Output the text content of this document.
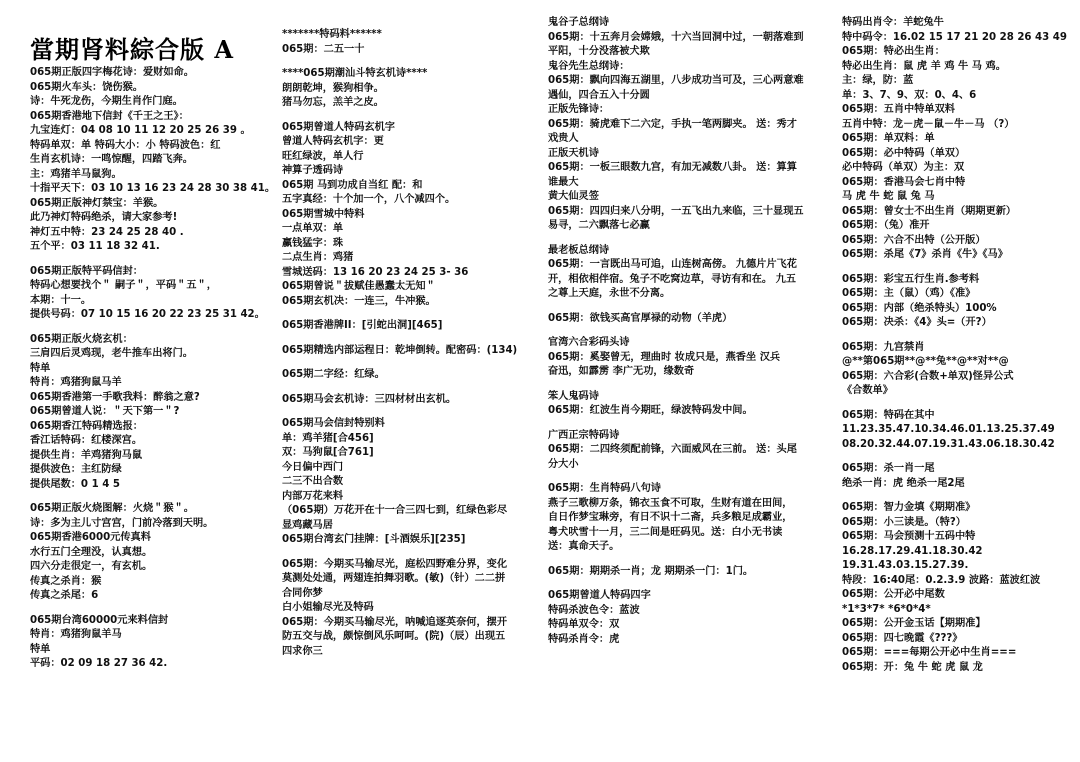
當期肾料綜合版 A
065期正版四字梅花诗：爱财如命。
065期火车头：饶伤猴。
诗：牛死龙伤，今期生肖作门庭。
065期香港地下信封《千王之王》：
九宝连灯：04 08 10 11 12 20 25 26 39 。
特码单双：单 特码大小：小 特码波色：红
生肖玄机诗：一鸣惊醒，四踏飞奔。
主：鸡猪羊马鼠狗。
十指平天下：03 10 13 16 23 24 28 30 38 41。
065期正版神灯禁宝：羊猴。
此乃神灯特码绝杀，请大家参考!
神灯五中特：23 24 25 28 40 .
五个平：03 11 18 32 41.
065期正版特平码信封：
特码心想要找个＂ 嗣子＂，平码＂五＂，
本期：十一。
提供号码：07 10 15 16 20 22 23 25 31 42。
065期正版火烧玄机：
三肩四后灵鸡现，老牛推车出将门。
特单
特肖：鸡猪狗鼠马羊
065期香港第一手歌我料：醉翁之意?
065期曾道人说：＂天下第一＂?
065期香江特码精选报：
香江话特码：红楼深宫。
提供生肖：羊鸡猪狗马鼠
提供波色：主红防绿
提供尾数：0 1 4 5
065期正版火烧图解：火烧＂猴＂。
诗：多为主儿寸宫宫，门前冷落到天明。
065期香港6000元传真料
水行五门全理没，认真想。
四六分走很定一，有玄机。
传真之杀肖：猴
传真之杀尾：6
065期台湾60000元来料信封
特肖：鸡猪狗鼠羊马
特单
平码：02 09 18 27 36 42.
*******特码料******
065期：二五一十
****065期潮汕斗特玄机诗****
朗朗乾坤，猴狗相争。
猪马勿忘，羔羊之皮。
065期曾道人特码玄机字
曾道人特码玄机字：更
旺红绿波，单人行
神算子透码诗
065期 马到功成自当红 配：和
五字真经：十个加一个，八个减四个。
065期雪城中特料
一点单双：单
赢钱猛字：珠
二点生肖：鸡猪
雪城送码：13 16 20 23 24 25 3- 36
065期曾说＂拔赋佳愚蠢太无知＂
065期玄机决：一连三，牛冲猴。
065期香港牌II：[引蛇出洞][465]
065期精选内部运程日：乾坤倒转。配密码：(134)
065期二字经：红绿。
065期马会玄机诗：三四材材出玄机。
065期马会信封特别料
单：鸡羊猪[合456]
双：马狗鼠[合761]
今日偏中西门
二三不出合数
内部万花来料
（065期）万花开在十一合三四七到，红绿色彩尽
显鸡藏马居
065期台湾玄门挂牌：[斗酒娱乐][235]
065期：今期买马输尽光，庭松四野难分界，变化
莫测处处通，两翅连拍舞羽歌。(敏)（针）二二拼
合同你梦
白小姐输尽光及特码
065期：今期买马输尽光，呐喊追逐英奈何，摆开
防五交与战，颇惊倒风乐呵呵。(院)（辰）出现五
四求你三
鬼谷子总纲诗
065期：十五奔月会嫦娥，十六当回洞中过，一朝落难到
平阳，十分没落被犬欺
鬼谷先生总纲诗：
065期：飘向四海五湖里，八步成功当可及，三心两意难
遇仙，四合五入十分圆
正版先锋诗：
065期：骑虎难下二六定，手执一笔两脚夹。 送：秀才
戏贵人
正版天机诗
065期：一板三眼数九宫，有加无减数八卦。 送：算算
谁最大
黄大仙灵签
065期：四四归来八分明，一五飞出九来临，三十显现五
易寻，二六飘落七必赢
最老板总纲诗
065期：一言既出马可追，山连树高傍。 九德片片飞花
开，相依相伴宿。兔子不吃窝边草，寻访有和在。 九五
之尊上天庭，永世不分离。
065期：欲钱买高官厚禄的动物（羊虎）
官湾六合彩码头诗
065期：奚娶曾无，理曲时 妆成只是，燕香坐 汉兵
奋迅，如霹雳 李广无功，缘数奇
笨人鬼码诗
065期：红波生肖今期旺，绿波特码发中间。
广西正宗特码诗
065期：二四终须配前锋，六面威风在三前。 送：头尾
分大小
065期：生肖特码八句诗
燕子三歌柳万条，锦衣玉食不可取，生财有道在田间，
自日作梦宝琳旁，有日不识十二斋，兵多粮足成霸业，
粤犬吠雪十一月，三二间是旺码见。送：白小无书读
送：真命天子。
065期：期期杀一肖；龙 期期杀一门：1门。
065期曾道人特码四字
特码杀波色令：蓝波
特码单双令：双
特码杀肖令：虎
特码出肖令：羊蛇兔牛
特中码令：16.02 15 17 21 20 28 26 43 49
065期：特必出生肖：
特必出生肖：鼠 虎 羊 鸡 牛 马 鸡。
主：绿，防：蓝
单：3、7、9、双：0、4、6
065期：五肖中特单双料
五肖中特：龙－虎－鼠－牛－马 （?）
065期：单双料：单
065期：必中特码（单双）
必中特码（单双）为主：双
065期：香港马会七肖中特
马 虎 牛 蛇 鼠 兔 马
065期：曾女士不出生肖（期期更新）
065期：（兔）准开
065期：六合不出特（公开版）
065期：杀尾《7》杀肖《牛》《马》
065期：彩宝五行生肖.参考料
065期：主（鼠）（鸡）《准》
065期：内部（绝杀特头）100%
065期：决杀：《4》头=（开?）
065期：九宫禁肖
@**第065期**@**兔**@**对**@
065期：六合彩(合数+单双)怪异公式
《合数单》
065期：特码在其中
11.23.35.47.10.34.46.01.13.25.37.49
08.20.32.44.07.19.31.43.06.18.30.42
065期：杀一肖一尾
绝杀一肖：虎 绝杀一尾2尾
065期：智力金填《期期准》
065期：小三读是。（特?）
065期：马会预测十五码中特
16.28.17.29.41.18.30.42
19.31.43.03.15.27.39.
特段：16:40尾：0.2.3.9 波路：蓝波红波
065期：公开必中尾数
*1*3*7* *6*0*4*
065期：公开金玉话【期期准】
065期：四七晚霞《???》
065期：===每期公开必中生肖===
065期：开：兔 牛 蛇 虎 鼠 龙
